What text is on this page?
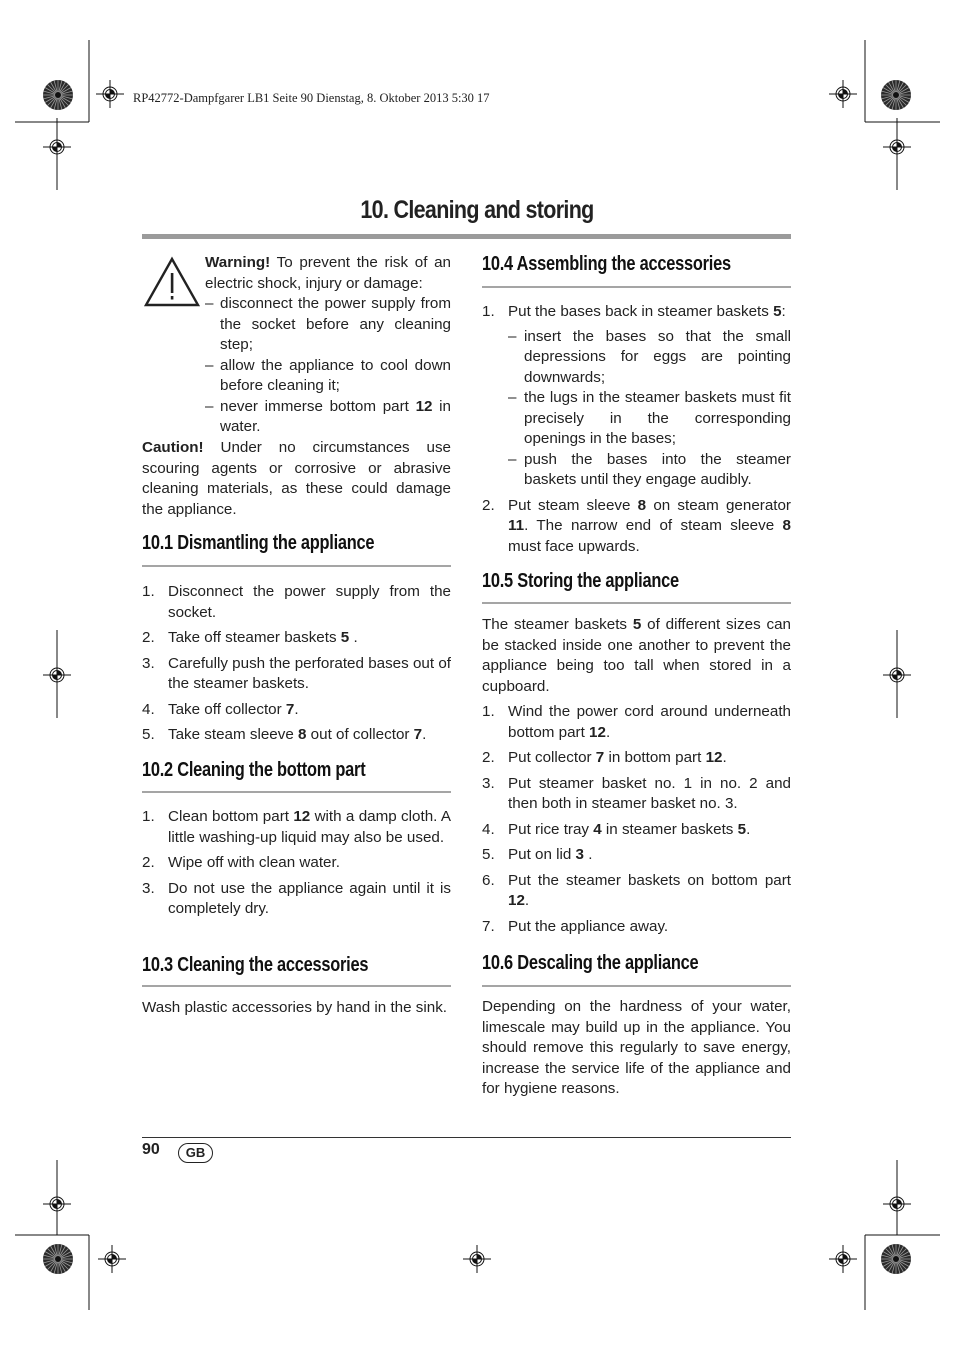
RP42772-Dampfgarer LB1 Seite 90 Dienstag, 8. Oktober 2013 5:30 17
10. Cleaning and storing
Warning! To prevent the risk of an electric shock, injury or damage:
– disconnect the power supply from the socket before any cleaning step;
– allow the appliance to cool down before cleaning it;
– never immerse bottom part 12 in water.
Caution! Under no circumstances use scouring agents or corrosive or abrasive cleaning materials, as these could damage the appliance.
10.1 Dismantling the appliance
1. Disconnect the power supply from the socket.
2. Take off steamer baskets 5 .
3. Carefully push the perforated bases out of the steamer baskets.
4. Take off collector 7.
5. Take steam sleeve 8 out of collector 7.
10.2 Cleaning the bottom part
1. Clean bottom part 12 with a damp cloth. A little washing-up liquid may also be used.
2. Wipe off with clean water.
3. Do not use the appliance again until it is completely dry.
10.3 Cleaning the accessories
Wash plastic accessories by hand in the sink.
10.4 Assembling the accessories
1. Put the bases back in steamer baskets 5:
– insert the bases so that the small depressions for eggs are pointing downwards;
– the lugs in the steamer baskets must fit precisely in the corresponding openings in the bases;
– push the bases into the steamer baskets until they engage audibly.
2. Put steam sleeve 8 on steam generator 11. The narrow end of steam sleeve 8 must face upwards.
10.5 Storing the appliance
The steamer baskets 5 of different sizes can be stacked inside one another to prevent the appliance being too tall when stored in a cupboard.
1. Wind the power cord around underneath bottom part 12.
2. Put collector 7 in bottom part 12.
3. Put steamer basket no. 1 in no. 2 and then both in steamer basket no. 3.
4. Put rice tray 4 in steamer baskets 5.
5. Put on lid 3 .
6. Put the steamer baskets on bottom part 12.
7. Put the appliance away.
10.6 Descaling the appliance
Depending on the hardness of your water, limescale may build up in the appliance. You should remove this regularly to save energy, increase the service life of the appliance and for hygiene reasons.
90	GB
